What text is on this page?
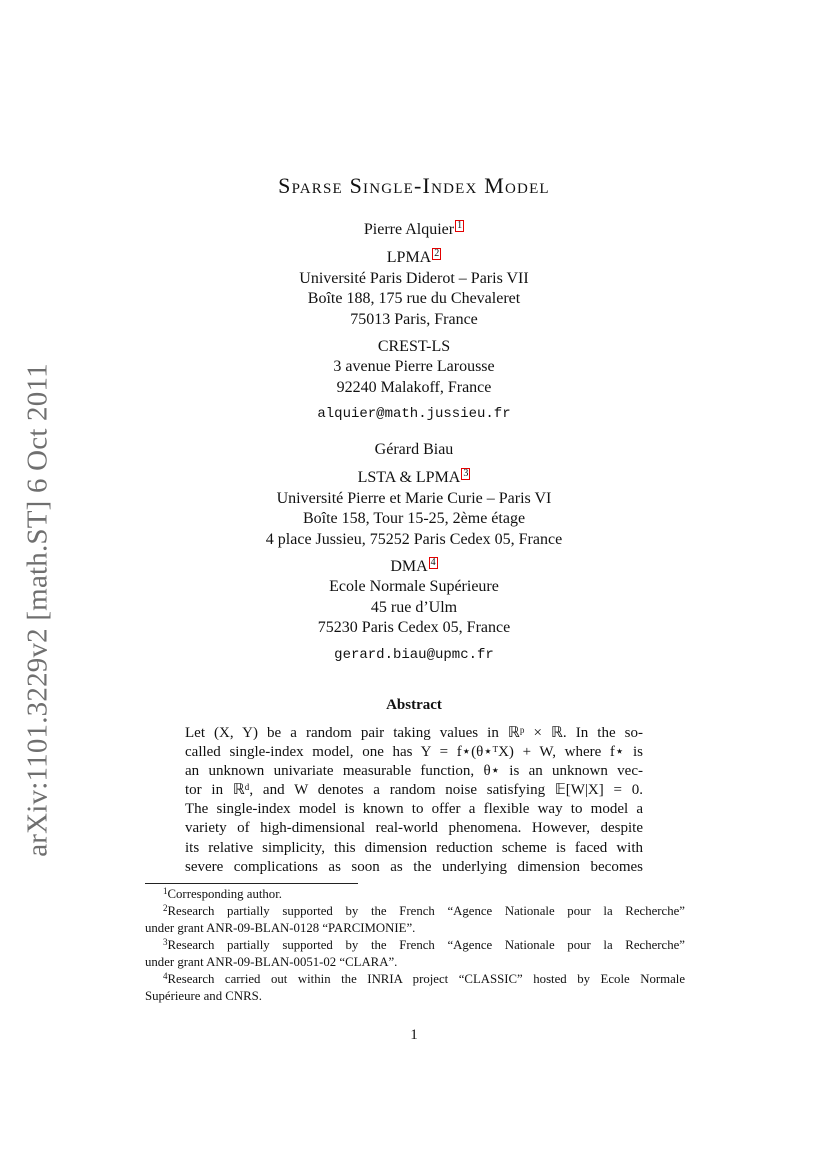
arXiv:1101.3229v2 [math.ST] 6 Oct 2011
Sparse Single-Index Model
Pierre Alquier 1
LPMA 2
Université Paris Diderot – Paris VII
Boîte 188, 175 rue du Chevaleret
75013 Paris, France
CREST-LS
3 avenue Pierre Larousse
92240 Malakoff, France
alquier@math.jussieu.fr
Gérard Biau
LSTA & LPMA 3
Université Pierre et Marie Curie – Paris VI
Boîte 158, Tour 15-25, 2ème étage
4 place Jussieu, 75252 Paris Cedex 05, France
DMA 4
Ecole Normale Supérieure
45 rue d’Ulm
75230 Paris Cedex 05, France
gerard.biau@upmc.fr
Abstract
Let (X, Y) be a random pair taking values in ℝᵖ × ℝ. In the so-
called single-index model, one has Y = f⋆(θ⋆ᵀX) + W, where f⋆ is
an unknown univariate measurable function, θ⋆ is an unknown vec-
tor in ℝᵈ, and W denotes a random noise satisfying 𝔼[W|X] = 0.
The single-index model is known to offer a flexible way to model a
variety of high-dimensional real-world phenomena. However, despite
its relative simplicity, this dimension reduction scheme is faced with
severe complications as soon as the underlying dimension becomes
$^1$Corresponding author.
$^2$Research partially supported by the French “Agence Nationale pour la Recherche”
under grant ANR-09-BLAN-0128 “PARCIMONIE”.
$^3$Research partially supported by the French “Agence Nationale pour la Recherche”
under grant ANR-09-BLAN-0051-02 “CLARA”.
$^4$Research carried out within the INRIA project “CLASSIC” hosted by Ecole Normale
Supérieure and CNRS.
1
